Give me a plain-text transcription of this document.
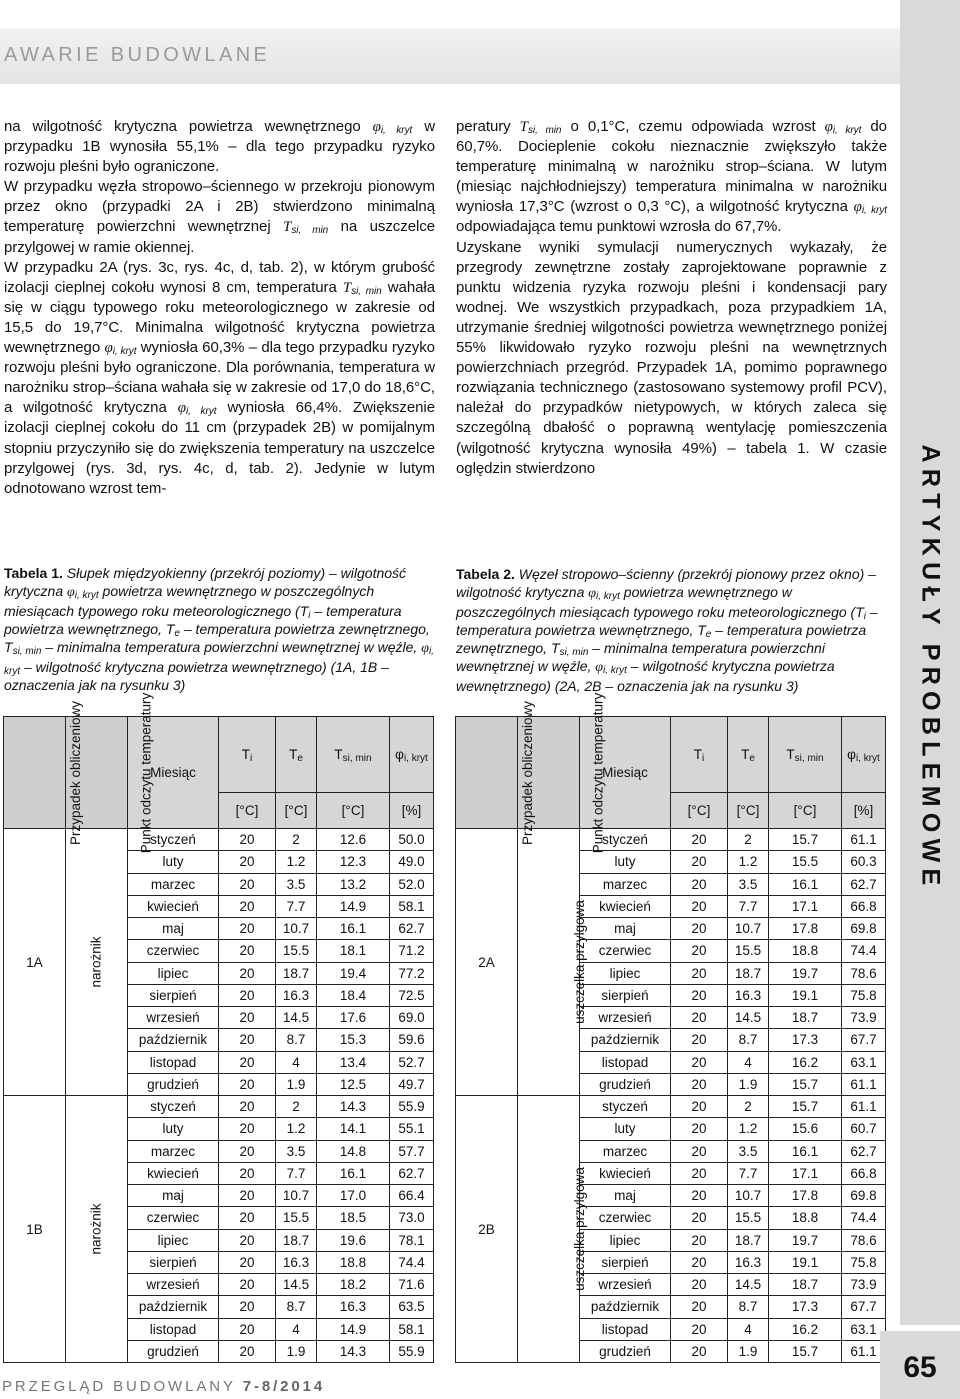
AWARIE BUDOWLANE
ARTYKUŁY PROBLEMOWE

na wilgotność krytyczna powietrza wewnętrznego $\varphi_{i, kryt}$ w przypadku 1B wynosiła 55,1% – dla tego przypadku ryzyko rozwoju pleśni było ograniczone.

W przypadku węzła stropowo–ściennego w przekroju pionowym przez okno (przypadki 2A i 2B) stwierdzono minimalną temperaturę powierzchni wewnętrznej $T_{si, min}$ na uszczelce przylgowej w ramie okiennej.

W przypadku 2A (rys. 3c, rys. 4c, d, tab. 2), w którym grubość izolacji cieplnej cokołu wynosi 8 cm, temperatura $T_{si, min}$ wahała się w ciągu typowego roku meteorologicznego w zakresie od 15,5 do 19,7°C. Minimalna wilgotność krytyczna powietrza wewnętrznego $\varphi_{i, kryt}$ wyniosła 60,3% – dla tego przypadku ryzyko rozwoju pleśni było ograniczone. Dla porównania, temperatura w narożniku strop–ściana wahała się w zakresie od 17,0 do 18,6°C, a wilgotność krytyczna $\varphi_{i, kryt}$ wyniosła 66,4%. Zwiększenie izolacji cieplnej cokołu do 11 cm (przypadek 2B) w pomijalnym stopniu przyczyniło się do zwiększenia temperatury na uszczelce przylgowej (rys. 3d, rys. 4c, d, tab. 2). Jedynie w lutym odnotowano wzrost tem-

peratury $T_{si, min}$ o 0,1°C, czemu odpowiada wzrost $\varphi_{i, kryt}$ do 60,7%. Docieplenie cokołu nieznacznie zwiększyło także temperaturę minimalną w narożniku strop–ściana. W lutym (miesiąc najchłodniejszy) temperatura minimalna w narożniku wyniosła 17,3°C (wzrost o 0,3 °C), a wilgotność krytyczna $\varphi_{i, kryt}$ odpowiadająca temu punktowi wzrosła do 67,7%.

Uzyskane wyniki symulacji numerycznych wykazały, że przegrody zewnętrzne zostały zaprojektowane poprawnie z punktu widzenia ryzyka rozwoju pleśni i kondensacji pary wodnej. We wszystkich przypadkach, poza przypadkiem 1A, utrzymanie średniej wilgotności powietrza wewnętrznego poniżej 55% likwidowało ryzyko rozwoju pleśni na wewnętrznych powierzchniach przegród. Przypadek 1A, pomimo poprawnego rozwiązania technicznego (zastosowano systemowy profil PCV), należał do przypadków nietypowych, w których zaleca się szczególną dbałość o poprawną wentylację pomieszczenia (wilgotność krytyczna wynosiła 49%) – tabela 1. W czasie oględzin stwierdzono

Tabela 1. Słupek międzyokienny (przekrój poziomy) – wilgotność krytyczna $\varphi_{i, kryt}$ powietrza wewnętrznego w poszczególnych miesiącach typowego roku meteorologicznego ($T_i$ – temperatura powietrza wewnętrznego, $T_e$ – temperatura powietrza zewnętrznego, $T_{si, min}$ – minimalna temperatura powierzchni wewnętrznej w węźle, $\varphi_{i, kryt}$ – wilgotność krytyczna powietrza wewnętrznego) (1A, 1B – oznaczenia jak na rysunku 3)
Tabela 2. Węzeł stropowo–ścienny (przekrój pionowy przez okno) – wilgotność krytyczna $\varphi_{i, kryt}$ powietrza wewnętrznego w poszczególnych miesiącach typowego roku meteorologicznego ($T_i$ – temperatura powietrza wewnętrznego, $T_e$ – temperatura powietrza zewnętrznego, $T_{si, min}$ – minimalna temperatura powierzchni wewnętrznej w węźle, $\varphi_{i, kryt}$ – wilgotność krytyczna powietrza wewnętrznego) (2A, 2B – oznaczenia jak na rysunku 3)
Przypadek obliczeniowy	Punkt odczytu temperatury	Miesiąc	$T_i$	$T_e$	$T_{si, min}$	$\varphi_{i, kryt}$
			[°C]	[°C]	[°C]	[%]
1A	narożnik	styczeń	20	2	12.6	50.0
		luty	20	1.2	12.3	49.0
		marzec	20	3.5	13.2	52.0
		kwiecień	20	7.7	14.9	58.1
		maj	20	10.7	16.1	62.7
		czerwiec	20	15.5	18.1	71.2
		lipiec	20	18.7	19.4	77.2
		sierpień	20	16.3	18.4	72.5
		wrzesień	20	14.5	17.6	69.0
		październik	20	8.7	15.3	59.6
		listopad	20	4	13.4	52.7
		grudzień	20	1.9	12.5	49.7
1B	narożnik	styczeń	20	2	14.3	55.9
		luty	20	1.2	14.1	55.1
		marzec	20	3.5	14.8	57.7
		kwiecień	20	7.7	16.1	62.7
		maj	20	10.7	17.0	66.4
		czerwiec	20	15.5	18.5	73.0
		lipiec	20	18.7	19.6	78.1
		sierpień	20	16.3	18.8	74.4
		wrzesień	20	14.5	18.2	71.6
		październik	20	8.7	16.3	63.5
		listopad	20	4	14.9	58.1
		grudzień	20	1.9	14.3	55.9
Przypadek obliczeniowy	Punkt odczytu temperatury	Miesiąc	$T_i$	$T_e$	$T_{si, min}$	$\varphi_{i, kryt}$
			[°C]	[°C]	[°C]	[%]
2A	uszczelka przylgowa	styczeń	20	2	15.7	61.1
		luty	20	1.2	15.5	60.3
		marzec	20	3.5	16.1	62.7
		kwiecień	20	7.7	17.1	66.8
		maj	20	10.7	17.8	69.8
		czerwiec	20	15.5	18.8	74.4
		lipiec	20	18.7	19.7	78.6
		sierpień	20	16.3	19.1	75.8
		wrzesień	20	14.5	18.7	73.9
		październik	20	8.7	17.3	67.7
		listopad	20	4	16.2	63.1
		grudzień	20	1.9	15.7	61.1
2B	uszczelka przylgowa	styczeń	20	2	15.7	61.1
		luty	20	1.2	15.6	60.7
		marzec	20	3.5	16.1	62.7
		kwiecień	20	7.7	17.1	66.8
		maj	20	10.7	17.8	69.8
		czerwiec	20	15.5	18.8	74.4
		lipiec	20	18.7	19.7	78.6
		sierpień	20	16.3	19.1	75.8
		wrzesień	20	14.5	18.7	73.9
		październik	20	8.7	17.3	67.7
		listopad	20	4	16.2	63.1
		grudzień	20	1.9	15.7	61.1
PRZEGLĄD BUDOWLANY 7-8/2014
65
